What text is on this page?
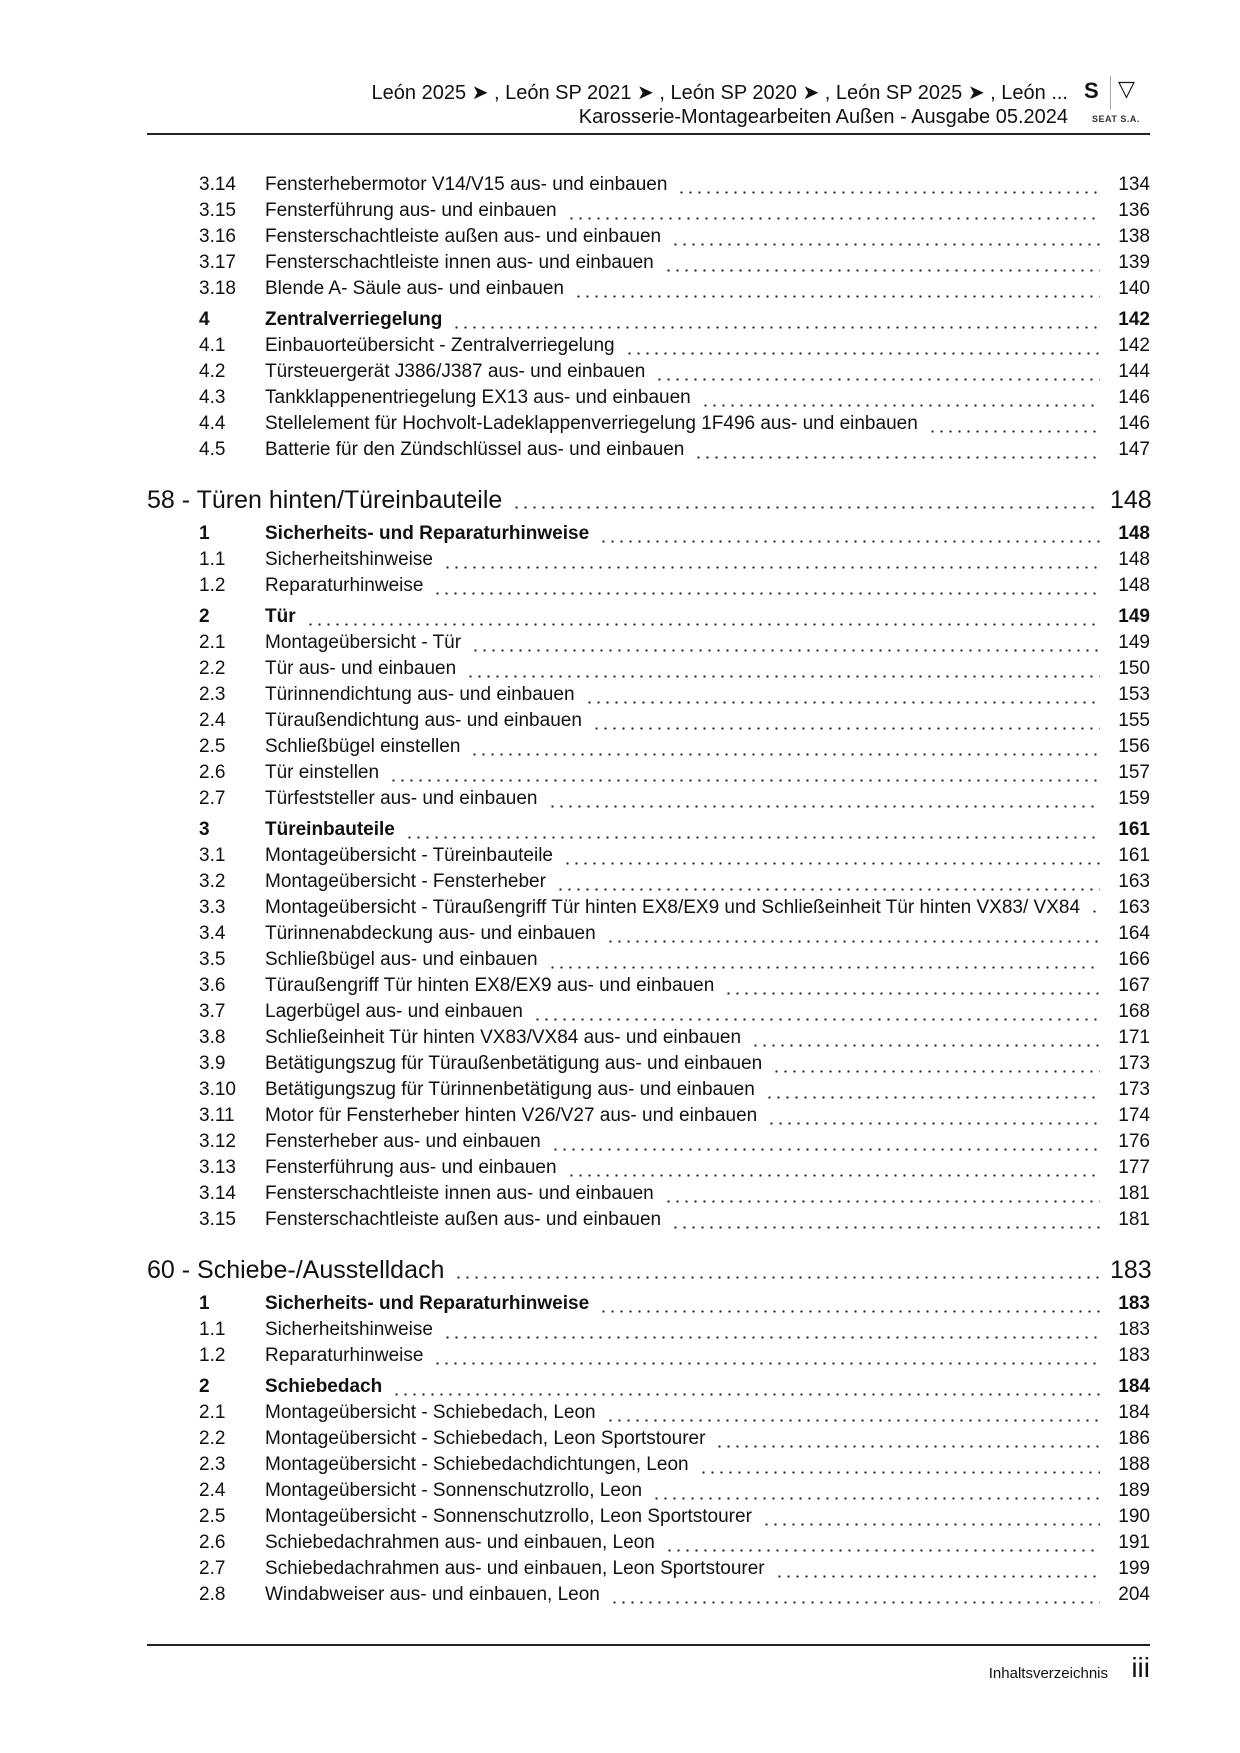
León 2025 ➤ , León SP 2021 ➤ , León SP 2020 ➤ , León SP 2025 ➤ , León ...
Karosserie-Montagearbeiten Außen - Ausgabe 05.2024
S ▽
SEAT S.A.
3.14	Fensterhebermotor V14/V15 aus- und einbauen	134
3.15	Fensterführung aus- und einbauen	136
3.16	Fensterschachtleiste außen aus- und einbauen	138
3.17	Fensterschachtleiste innen aus- und einbauen	139
3.18	Blende A- Säule aus- und einbauen	140
4	Zentralverriegelung	142
4.1	Einbauorteübersicht - Zentralverriegelung	142
4.2	Türsteuergerät J386/J387 aus- und einbauen	144
4.3	Tankklappenentriegelung EX13 aus- und einbauen	146
4.4	Stellelement für Hochvolt-Ladeklappenverriegelung 1F496 aus- und einbauen	146
4.5	Batterie für den Zündschlüssel aus- und einbauen	147
58 - Türen hinten/Türeinbauteile	148
1	Sicherheits- und Reparaturhinweise	148
1.1	Sicherheitshinweise	148
1.2	Reparaturhinweise	148
2	Tür	149
2.1	Montageübersicht - Tür	149
2.2	Tür aus- und einbauen	150
2.3	Türinnendichtung aus- und einbauen	153
2.4	Türaußendichtung aus- und einbauen	155
2.5	Schließbügel einstellen	156
2.6	Tür einstellen	157
2.7	Türfeststeller aus- und einbauen	159
3	Türeinbauteile	161
3.1	Montageübersicht - Türeinbauteile	161
3.2	Montageübersicht - Fensterheber	163
3.3	Montageübersicht - Türaußengriff Tür hinten EX8/EX9 und Schließeinheit Tür hinten VX83/ VX84	163
3.4	Türinnenabdeckung aus- und einbauen	164
3.5	Schließbügel aus- und einbauen	166
3.6	Türaußengriff Tür hinten EX8/EX9 aus- und einbauen	167
3.7	Lagerbügel aus- und einbauen	168
3.8	Schließeinheit Tür hinten VX83/VX84 aus- und einbauen	171
3.9	Betätigungszug für Türaußenbetätigung aus- und einbauen	173
3.10	Betätigungszug für Türinnenbetätigung aus- und einbauen	173
3.11	Motor für Fensterheber hinten V26/V27 aus- und einbauen	174
3.12	Fensterheber aus- und einbauen	176
3.13	Fensterführung aus- und einbauen	177
3.14	Fensterschachtleiste innen aus- und einbauen	181
3.15	Fensterschachtleiste außen aus- und einbauen	181
60 - Schiebe-/Ausstelldach	183
1	Sicherheits- und Reparaturhinweise	183
1.1	Sicherheitshinweise	183
1.2	Reparaturhinweise	183
2	Schiebedach	184
2.1	Montageübersicht - Schiebedach, Leon	184
2.2	Montageübersicht - Schiebedach, Leon Sportstourer	186
2.3	Montageübersicht - Schiebedachdichtungen, Leon	188
2.4	Montageübersicht - Sonnenschutzrollo, Leon	189
2.5	Montageübersicht - Sonnenschutzrollo, Leon Sportstourer	190
2.6	Schiebedachrahmen aus- und einbauen, Leon	191
2.7	Schiebedachrahmen aus- und einbauen, Leon Sportstourer	199
2.8	Windabweiser aus- und einbauen, Leon	204
Inhaltsverzeichnis iii
